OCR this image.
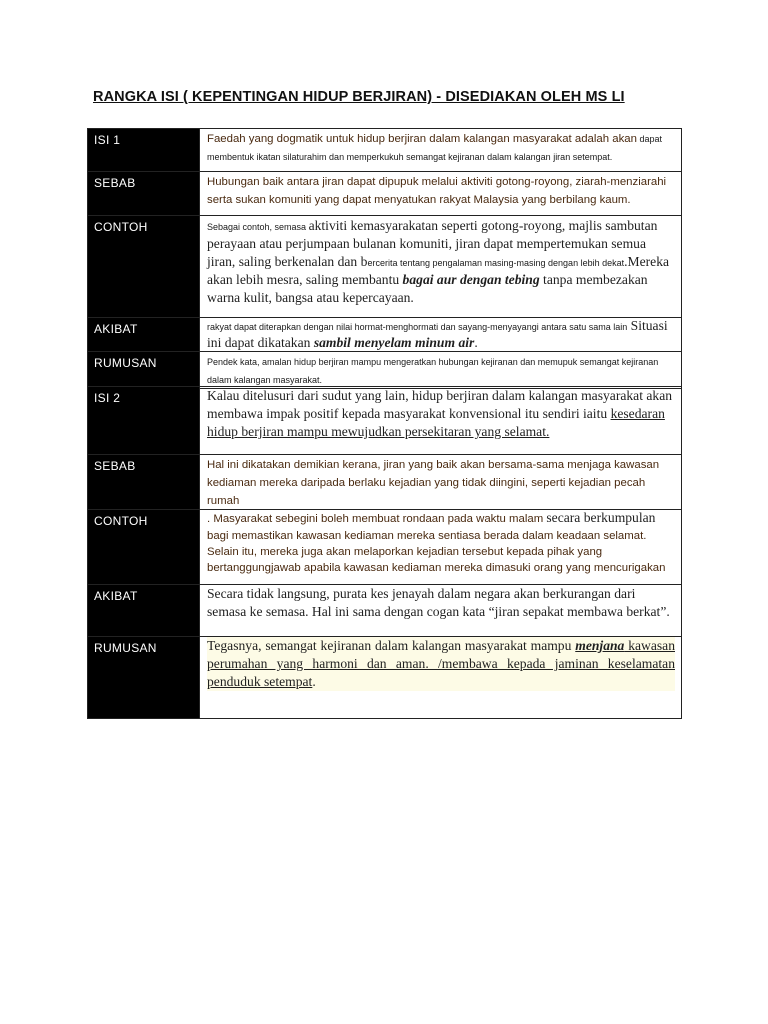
RANGKA ISI ( KEPENTINGAN HIDUP BERJIRAN) - DISEDIAKAN OLEH MS LI
ISI 1	Faedah yang dogmatik untuk hidup berjiran dalam kalangan masyarakat adalah akan dapat membentuk ikatan silaturahim dan memperkukuh semangat kejiranan dalam kalangan jiran setempat.
SEBAB	Hubungan baik antara jiran dapat dipupuk melalui aktiviti gotong-royong, ziarah-menziarahi serta sukan komuniti yang dapat menyatukan rakyat Malaysia yang berbilang kaum.
CONTOH	Sebagai contoh, semasa aktiviti kemasyarakatan seperti gotong-royong, majlis sambutan perayaan atau perjumpaan bulanan komuniti, jiran dapat mempertemukan semua jiran, saling berkenalan dan bercerita tentang pengalaman masing-masing dengan lebih dekat.Mereka akan lebih mesra, saling membantu bagai aur dengan tebing tanpa membezakan warna kulit, bangsa atau kepercayaan.
AKIBAT	rakyat dapat diterapkan dengan nilai hormat-menghormati dan sayang-menyayangi antara satu sama lain Situasi ini dapat dikatakan sambil menyelam minum air.
RUMUSAN	Pendek kata, amalan hidup berjiran mampu mengeratkan hubungan kejiranan dan memupuk semangat kejiranan dalam kalangan masyarakat.
ISI 2	Kalau ditelusuri dari sudut yang lain, hidup berjiran dalam kalangan masyarakat akan membawa impak positif kepada masyarakat konvensional itu sendiri iaitu kesedaran hidup berjiran mampu mewujudkan persekitaran yang selamat.
SEBAB	Hal ini dikatakan demikian kerana, jiran yang baik akan bersama-sama menjaga kawasan kediaman mereka daripada berlaku kejadian yang tidak diingini, seperti kejadian pecah rumah
CONTOH	. Masyarakat sebegini boleh membuat rondaan pada waktu malam secara berkumpulan bagi memastikan kawasan kediaman mereka sentiasa berada dalam keadaan selamat. Selain itu, mereka juga akan melaporkan kejadian tersebut kepada pihak yang bertanggungjawab apabila kawasan kediaman mereka dimasuki orang yang mencurigakan
AKIBAT	Secara tidak langsung, purata kes jenayah dalam negara akan berkurangan dari semasa ke semasa. Hal ini sama dengan cogan kata “jiran sepakat membawa berkat”.
RUMUSAN	Tegasnya, semangat kejiranan dalam kalangan masyarakat mampu menjana kawasan perumahan yang harmoni dan aman. /membawa kepada jaminan keselamatan penduduk setempat.
